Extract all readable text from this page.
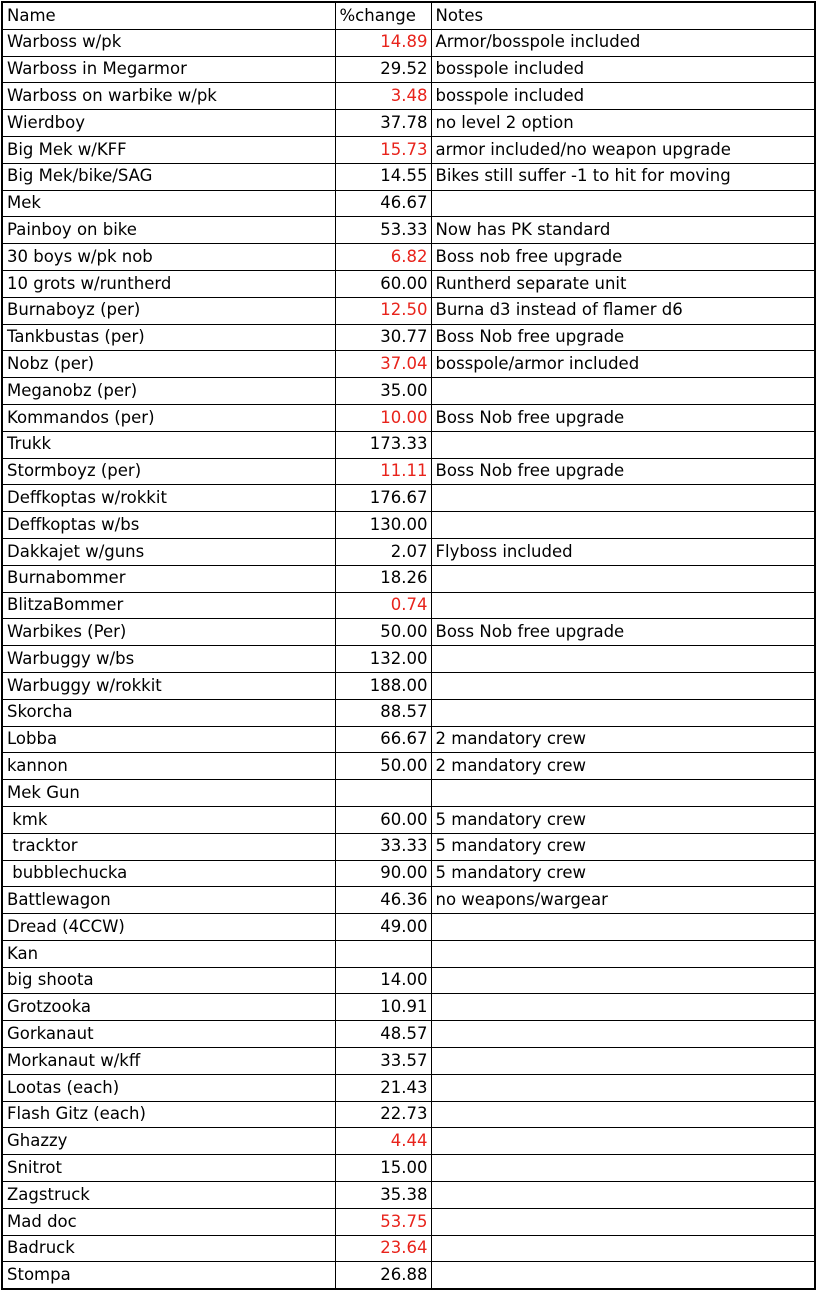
Name	%change	Notes
Warboss w/pk	14.89	Armor/bosspole included
Warboss in Megarmor	29.52	bosspole included
Warboss on warbike w/pk	3.48	bosspole included
Wierdboy	37.78	no level 2 option
Big Mek w/KFF	15.73	armor included/no weapon upgrade
Big Mek/bike/SAG	14.55	Bikes still suffer -1 to hit for moving
Mek	46.67	
Painboy on bike	53.33	Now has PK standard
30 boys w/pk nob	6.82	Boss nob free upgrade
10 grots w/runtherd	60.00	Runtherd separate unit
Burnaboyz (per)	12.50	Burna d3 instead of flamer d6
Tankbustas (per)	30.77	Boss Nob free upgrade
Nobz (per)	37.04	bosspole/armor included
Meganobz (per)	35.00	
Kommandos (per)	10.00	Boss Nob free upgrade
Trukk	173.33	
Stormboyz (per)	11.11	Boss Nob free upgrade
Deffkoptas w/rokkit	176.67	
Deffkoptas w/bs	130.00	
Dakkajet w/guns	2.07	Flyboss included
Burnabommer	18.26	
BlitzaBommer	0.74	
Warbikes (Per)	50.00	Boss Nob free upgrade
Warbuggy w/bs	132.00	
Warbuggy w/rokkit	188.00	
Skorcha	88.57	
Lobba	66.67	2 mandatory crew
kannon	50.00	2 mandatory crew
Mek Gun		
kmk	60.00	5 mandatory crew
tracktor	33.33	5 mandatory crew
bubblechucka	90.00	5 mandatory crew
Battlewagon	46.36	no weapons/wargear
Dread (4CCW)	49.00	
Kan		
big shoota	14.00	
Grotzooka	10.91	
Gorkanaut	48.57	
Morkanaut w/kff	33.57	
Lootas (each)	21.43	
Flash Gitz (each)	22.73	
Ghazzy	4.44	
Snitrot	15.00	
Zagstruck	35.38	
Mad doc	53.75	
Badruck	23.64	
Stompa	26.88	
